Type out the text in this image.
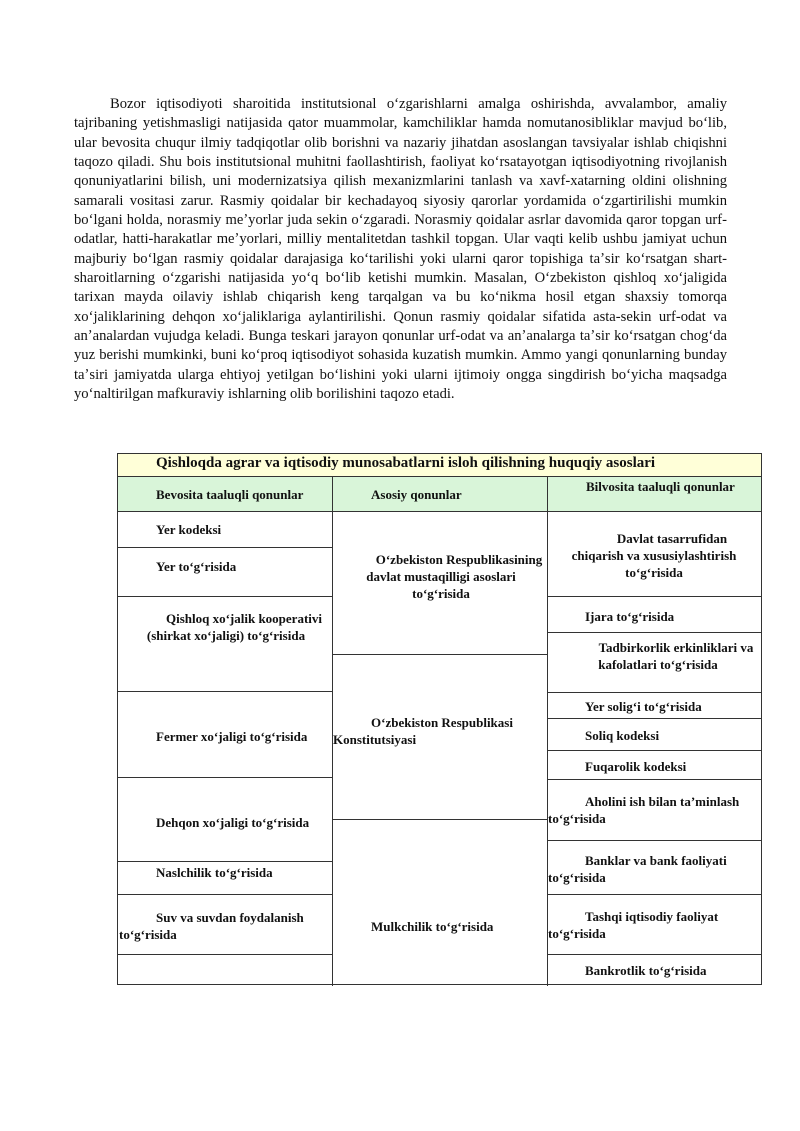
Bozor iqtisodiyoti sharoitida institutsional oʻzgarishlarni amalga oshirishda, avvalambor, amaliy tajribaning yetishmasligi natijasida qator muammolar, kamchiliklar hamda nomutanosibliklar mavjud boʻlib, ular bevosita chuqur ilmiy tadqiqotlar olib borishni va nazariy jihatdan asoslangan tavsiyalar ishlab chiqishni taqozo qiladi. Shu bois institutsional muhitni faollashtirish, faoliyat koʻrsatayotgan iqtisodiyotning rivojlanish qonuniyatlarini bilish, uni modernizatsiya qilish mexanizmlarini tanlash va xavf-xatarning oldini olishning samarali vositasi zarur. Rasmiy qoidalar bir kechadayoq siyosiy qarorlar yordamida oʻzgartirilishi mumkin boʻlgani holda, norasmiy meʼyorlar juda sekin oʻzgaradi. Norasmiy qoidalar asrlar davomida qaror topgan urf-odatlar, hatti-harakatlar meʼyorlari, milliy mentalitetdan tashkil topgan. Ular vaqti kelib ushbu jamiyat uchun majburiy boʻlgan rasmiy qoidalar darajasiga koʻtarilishi yoki ularni qaror topishiga taʼsir koʻrsatgan shart-sharoitlarning oʻzgarishi natijasida yoʻq boʻlib ketishi mumkin. Masalan, Oʻzbekiston qishloq xoʻjaligida tarixan mayda oilaviy ishlab chiqarish keng tarqalgan va bu koʻnikma hosil etgan shaxsiy tomorqa xoʻjaliklarining dehqon xoʻjaliklariga aylantirilishi. Qonun rasmiy qoidalar sifatida asta-sekin urf-odat va anʼanalardan vujudga keladi. Bunga teskari jarayon qonunlar urf-odat va anʼanalarga taʼsir koʻrsatgan chogʻda yuz berishi mumkinki, buni koʻproq iqtisodiyot sohasida kuzatish mumkin. Ammo yangi qonunlarning bunday taʼsiri jamiyatda ularga ehtiyoj yetilgan boʻlishini yoki ularni ijtimoiy ongga singdirish boʻyicha maqsadga yoʻnaltirilgan mafkuraviy ishlarning olib borilishini taqozo etadi.

Qishloqda agrar va iqtisodiy munosabatlarni isloh qilishning huquqiy asoslari
Bevosita taaluqli qonunlar	Asosiy qonunlar
Bilvosita taaluqli qonunlar
Yer kodeksi
Yer toʻgʻrisida
Qishloq xoʻjalik kooperativi (shirkat xoʻjaligi) toʻgʻrisida
Fermer xoʻjaligi toʻgʻrisida
Dehqon xoʻjaligi toʻgʻrisida
Naslchilik toʻgʻrisida
Suv va suvdan foydalanish toʻgʻrisida
Oʻzbekiston Respublikasining davlat mustaqilligi asoslari toʻgʻrisida
Oʻzbekiston Respublikasi Konstitutsiyasi
Mulkchilik toʻgʻrisida
Davlat tasarrufidan chiqarish va xususiylashtirish toʻgʻrisida
Ijara toʻgʻrisida
Tadbirkorlik erkinliklari va kafolatlari toʻgʻrisida
Yer soligʻi toʻgʻrisida
Soliq kodeksi
Fuqarolik kodeksi
Aholini ish bilan taʼminlash toʻgʻrisida
Banklar va bank faoliyati toʻgʻrisida
Tashqi iqtisodiy faoliyat toʻgʻrisida
Bankrotlik toʻgʻrisida
